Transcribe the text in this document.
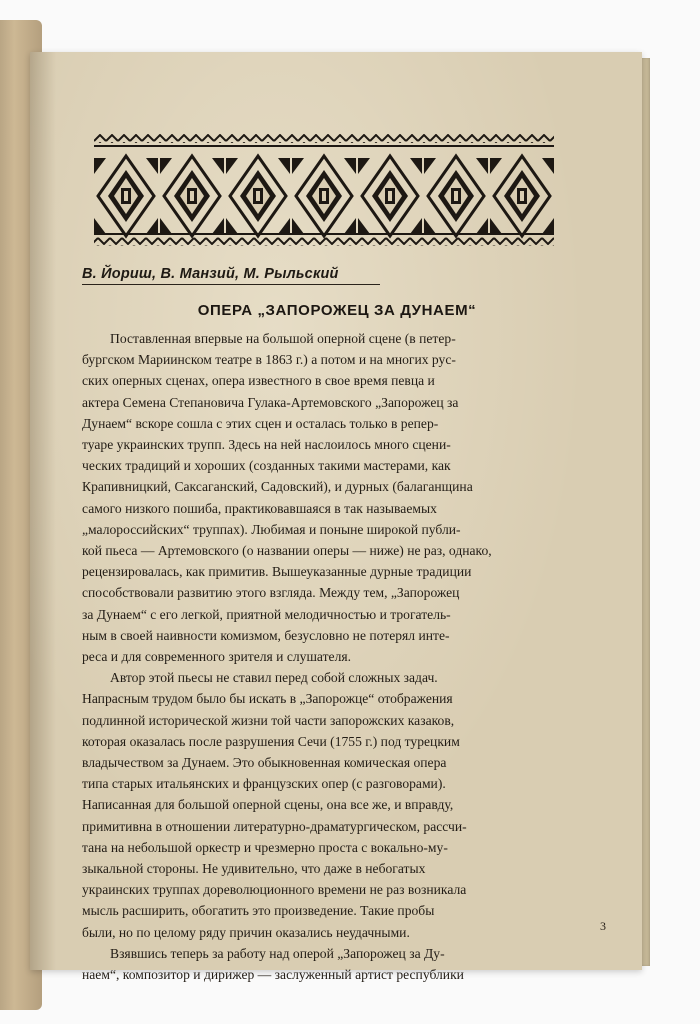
В. Йориш, В. Манзий, М. Рыльский
ОПЕРА „ЗАПОРОЖЕЦ ЗА ДУНАЕМ“
Поставленная впервые на большой оперной сцене (в петер-
бургском Мариинском театре в 1863 г.) а потом и на многих рус-
ских оперных сценах, опера известного в свое время певца и
актера Семена Степановича Гулака-Артемовского „Запорожец за
Дунаем“ вскоре сошла с этих сцен и осталась только в репер-
туаре украинских трупп. Здесь на ней наслоилось много сцени-
ческих традиций и хороших (созданных такими мастерами, как
Крапивницкий, Саксаганский, Садовский), и дурных (балаганщина
самого низкого пошиба, практиковавшаяся в так называемых
„малороссийских“ труппах). Любимая и поныне широкой публи-
кой пьеса — Артемовского (о названии оперы — ниже) не раз, однако,
рецензировалась, как примитив. Вышеуказанные дурные традиции
способствовали развитию этого взгляда. Между тем, „Запорожец
за Дунаем“ с его легкой, приятной мелодичностью и трогатель-
ным в своей наивности комизмом, безусловно не потерял инте-
реса и для современного зрителя и слушателя.
Автор этой пьесы не ставил перед собой сложных задач.
Напрасным трудом было бы искать в „Запорожце“ отображения
подлинной исторической жизни той части запорожских казаков,
которая оказалась после разрушения Сечи (1755 г.) под турецким
владычеством за Дунаем. Это обыкновенная комическая опера
типа старых итальянских и французских опер (с разговорами).
Написанная для большой оперной сцены, она все же, и вправду,
примитивна в отношении литературно-драматургическом, рассчи-
тана на небольшой оркестр и чрезмерно проста с вокально-му-
зыкальной стороны. Не удивительно, что даже в небогатых
украинских труппах дореволюционного времени не раз возникала
мысль расширить, обогатить это произведение. Такие пробы
были, но по целому ряду причин оказались неудачными.
Взявшись теперь за работу над оперой „Запорожец за Ду-
наем“, композитор и дирижер — заслуженный артист республики
3
